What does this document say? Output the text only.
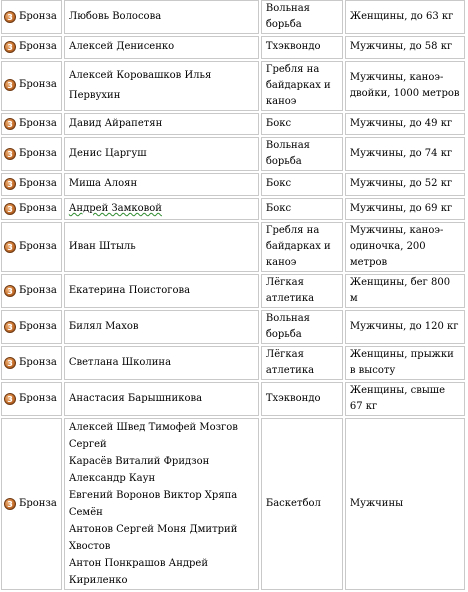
3 Бронза	Любовь Волосова	Вольная борьба	Женщины, до 63 кг
3 Бронза	Алексей Денисенко	Тхэквондо	Мужчины, до 58 кг
3 Бронза	Алексей Коровашков Илья Первухин	Гребля на байдарках и каноэ	Мужчины, каноэ-двойки, 1000 метров
3 Бронза	Давид Айрапетян	Бокс	Мужчины, до 49 кг
3 Бронза	Денис Царгуш	Вольная борьба	Мужчины, до 74 кг
3 Бронза	Миша Алоян	Бокс	Мужчины, до 52 кг
3 Бронза	Андрей Замковой	Бокс	Мужчины, до 69 кг
3 Бронза	Иван Штыль	Гребля на байдарках и каноэ	Мужчины, каноэ-одиночка, 200 метров
3 Бронза	Екатерина Поистогова	Лёгкая атлетика	Женщины, бег 800 м
3 Бронза	Билял Махов	Вольная борьба	Мужчины, до 120 кг
3 Бронза	Светлана Школина	Лёгкая атлетика	Женщины, прыжки в высоту
3 Бронза	Анастасия Барышникова	Тхэквондо	Женщины, свыше 67 кг
3 Бронза	Алексей Швед Тимофей Мозгов Сергей
Карасёв Виталий Фридзон Александр Каун
Евгений Воронов Виктор Хряпа Семён
Антонов Сергей Моня Дмитрий Хвостов
Антон Понкрашов Андрей Кириленко	Баскетбол	Мужчины
